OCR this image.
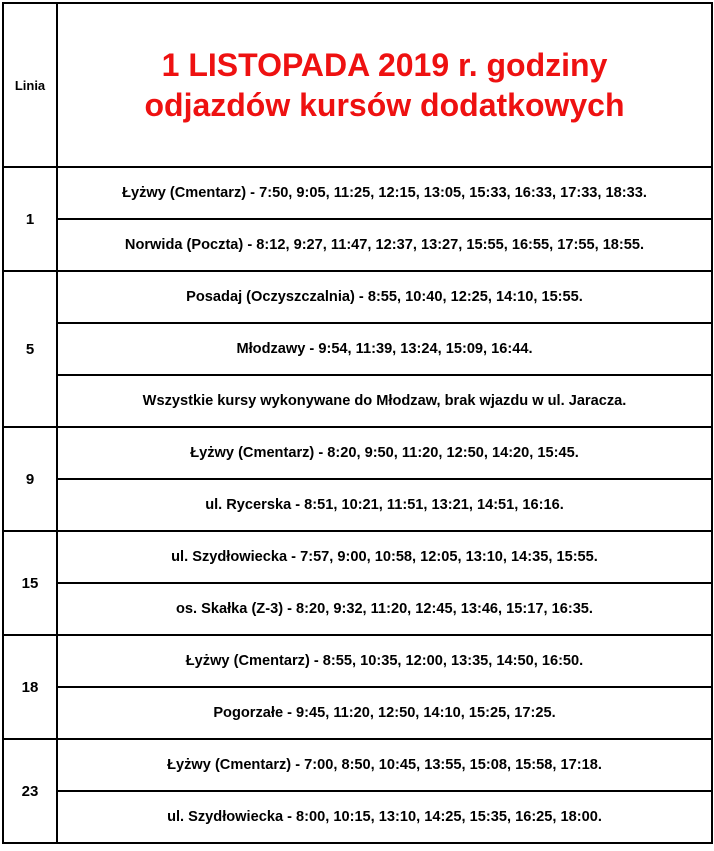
Linia	1 LISTOPADA 2019 r. godziny
odjazdów kursów dodatkowych

1	Łyżwy (Cmentarz) - 7:50, 9:05, 11:25, 12:15, 13:05, 15:33, 16:33, 17:33, 18:33.
	Norwida (Poczta) - 8:12, 9:27, 11:47, 12:37, 13:27, 15:55, 16:55, 17:55, 18:55.
5	Posadaj (Oczyszczalnia) - 8:55, 10:40, 12:25, 14:10, 15:55.
	Młodzawy - 9:54, 11:39, 13:24, 15:09, 16:44.
	Wszystkie kursy wykonywane do Młodzaw, brak wjazdu w ul. Jaracza.
9	Łyżwy (Cmentarz) - 8:20, 9:50, 11:20, 12:50, 14:20, 15:45.
	ul. Rycerska - 8:51, 10:21, 11:51, 13:21, 14:51, 16:16.
15	ul. Szydłowiecka - 7:57, 9:00, 10:58, 12:05, 13:10, 14:35, 15:55.
	os. Skałka (Z-3) - 8:20, 9:32, 11:20, 12:45, 13:46, 15:17, 16:35.
18	Łyżwy (Cmentarz) - 8:55, 10:35, 12:00, 13:35, 14:50, 16:50.
	Pogorzałe - 9:45, 11:20, 12:50, 14:10, 15:25, 17:25.
23	Łyżwy (Cmentarz) - 7:00, 8:50, 10:45, 13:55, 15:08, 15:58, 17:18.
	ul. Szydłowiecka - 8:00, 10:15, 13:10, 14:25, 15:35, 16:25, 18:00.
